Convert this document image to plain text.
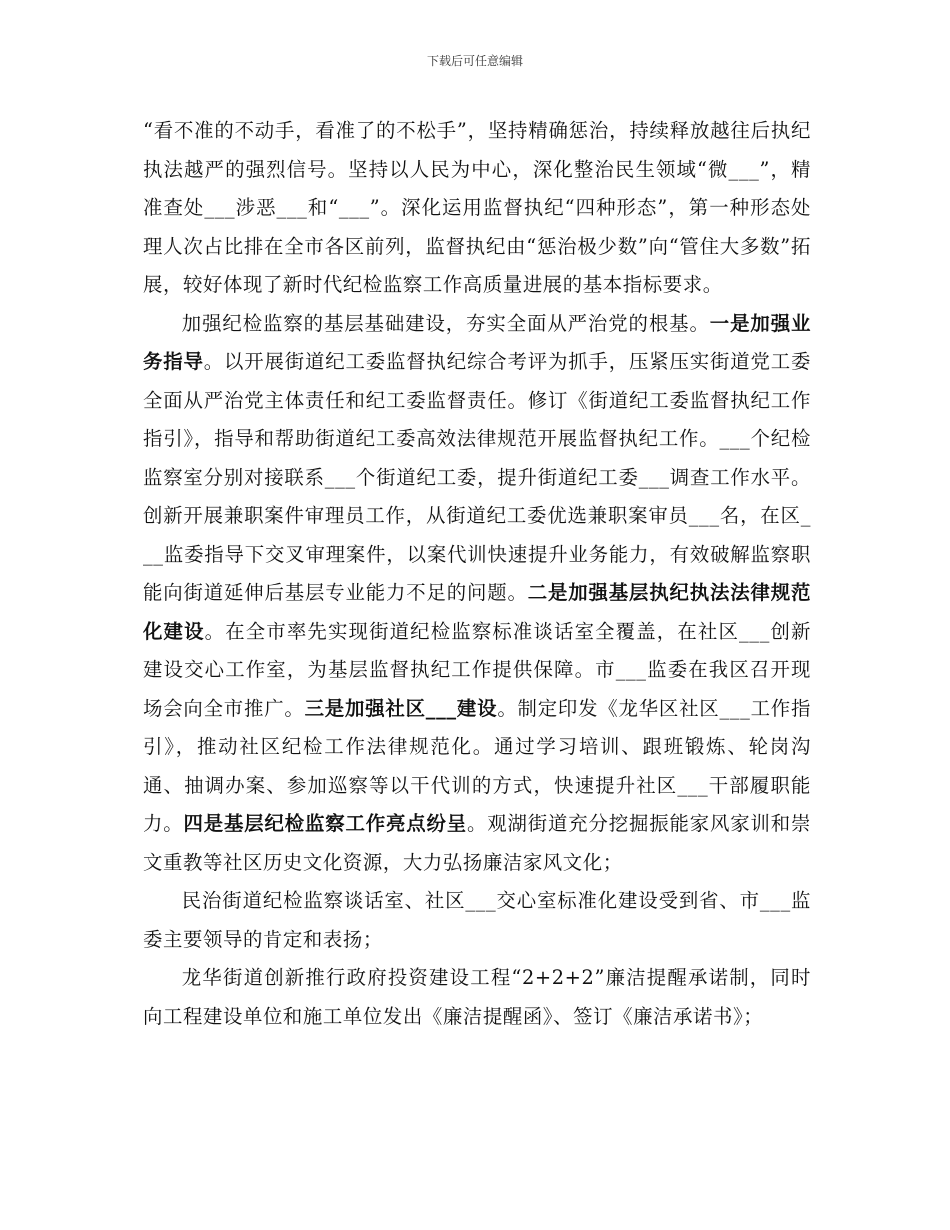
下载后可任意编辑

“看不准的不动手，看准了的不松手”，坚持精确惩治，持续释放越往后执纪执法越严的强烈信号。坚持以人民为中心，深化整治民生领域“微___”，精准查处___涉恶___和“___”。深化运用监督执纪“四种形态”，第一种形态处理人次占比排在全市各区前列，监督执纪由“惩治极少数”向“管住大多数”拓展，较好体现了新时代纪检监察工作高质量进展的基本指标要求。

加强纪检监察的基层基础建设，夯实全面从严治党的根基。一是加强业务指导。以开展街道纪工委监督执纪综合考评为抓手，压紧压实街道党工委全面从严治党主体责任和纪工委监督责任。修订《街道纪工委监督执纪工作指引》，指导和帮助街道纪工委高效法律规范开展监督执纪工作。___个纪检监察室分别对接联系___个街道纪工委，提升街道纪工委___调查工作水平。创新开展兼职案件审理员工作，从街道纪工委优选兼职案审员___名，在区___监委指导下交叉审理案件，以案代训快速提升业务能力，有效破解监察职能向街道延伸后基层专业能力不足的问题。二是加强基层执纪执法法律规范化建设。在全市率先实现街道纪检监察标准谈话室全覆盖，在社区___创新建设交心工作室，为基层监督执纪工作提供保障。市___监委在我区召开现场会向全市推广。三是加强社区___建设。制定印发《龙华区社区___工作指引》，推动社区纪检工作法律规范化。通过学习培训、跟班锻炼、轮岗沟通、抽调办案、参加巡察等以干代训的方式，快速提升社区___干部履职能力。四是基层纪检监察工作亮点纷呈。观湖街道充分挖掘振能家风家训和崇文重教等社区历史文化资源，大力弘扬廉洁家风文化；

民治街道纪检监察谈话室、社区___交心室标准化建设受到省、市___监委主要领导的肯定和表扬；

龙华街道创新推行政府投资建设工程“2+2+2”廉洁提醒承诺制，同时向工程建设单位和施工单位发出《廉洁提醒函》、签订《廉洁承诺书》；
